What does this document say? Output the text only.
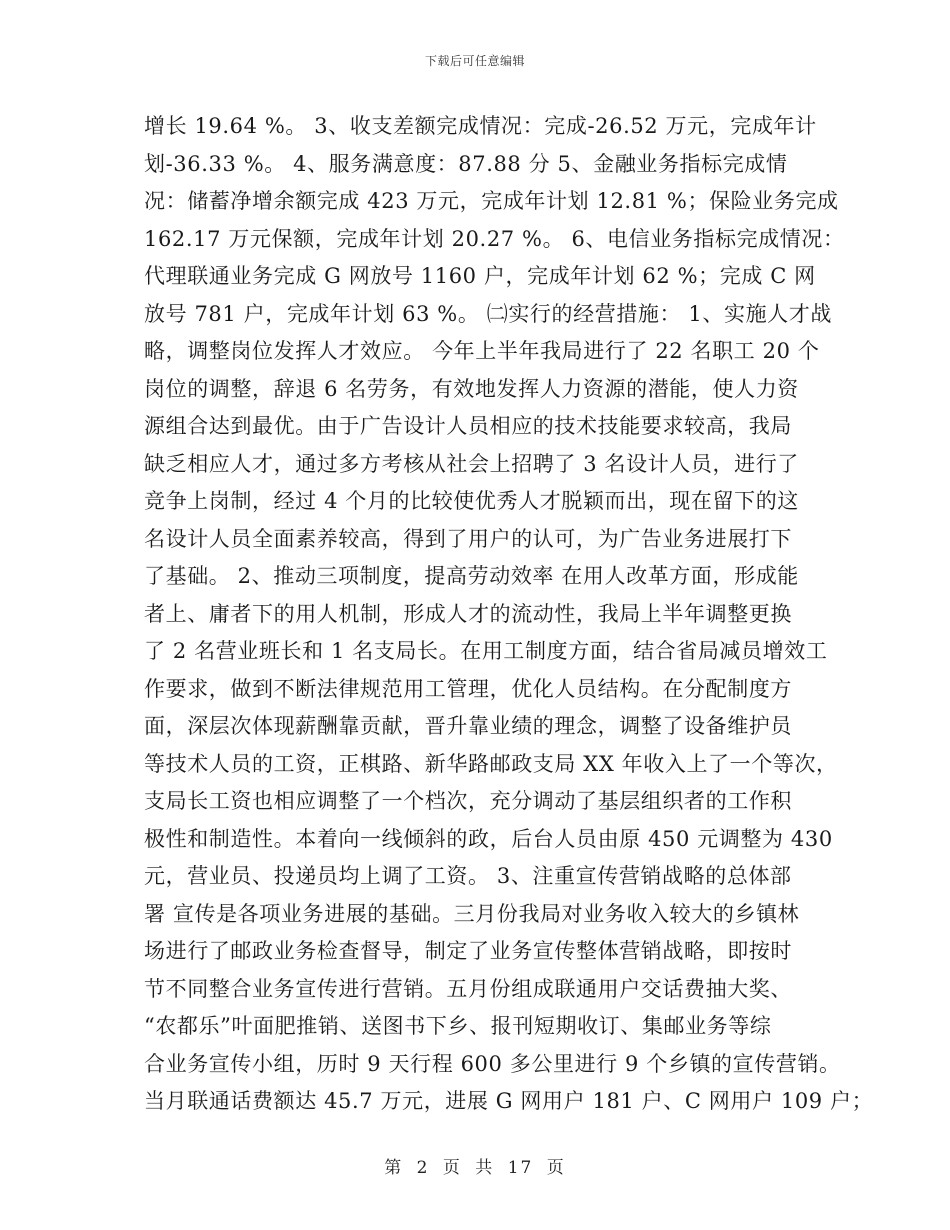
下载后可任意编辑
增长 19.64 %。 3、收支差额完成情况：完成-26.52 万元，完成年计
划-36.33 %。 4、服务满意度：87.88 分 5、金融业务指标完成情
况：储蓄净增余额完成 423 万元，完成年计划 12.81 %；保险业务完成
162.17 万元保额，完成年计划 20.27 %。 6、电信业务指标完成情况：
代理联通业务完成 G 网放号 1160 户，完成年计划 62 %；完成 C 网
放号 781 户，完成年计划 63 %。 ㈡实行的经营措施： 1、实施人才战
略，调整岗位发挥人才效应。 今年上半年我局进行了 22 名职工 20 个
岗位的调整，辞退 6 名劳务，有效地发挥人力资源的潜能，使人力资
源组合达到最优。由于广告设计人员相应的技术技能要求较高，我局
缺乏相应人才，通过多方考核从社会上招聘了 3 名设计人员，进行了
竞争上岗制，经过 4 个月的比较使优秀人才脱颖而出，现在留下的这
名设计人员全面素养较高，得到了用户的认可，为广告业务进展打下
了基础。 2、推动三项制度，提高劳动效率 在用人改革方面，形成能
者上、庸者下的用人机制，形成人才的流动性，我局上半年调整更换
了 2 名营业班长和 1 名支局长。在用工制度方面，结合省局减员增效工
作要求，做到不断法律规范用工管理，优化人员结构。在分配制度方
面，深层次体现薪酬靠贡献，晋升靠业绩的理念，调整了设备维护员
等技术人员的工资，正棋路、新华路邮政支局 XX 年收入上了一个等次，
支局长工资也相应调整了一个档次，充分调动了基层组织者的工作积
极性和制造性。本着向一线倾斜的政，后台人员由原 450 元调整为 430
元，营业员、投递员均上调了工资。 3、注重宣传营销战略的总体部
署 宣传是各项业务进展的基础。三月份我局对业务收入较大的乡镇林
场进行了邮政业务检查督导，制定了业务宣传整体营销战略，即按时
节不同整合业务宣传进行营销。五月份组成联通用户交话费抽大奖、
“农都乐”叶面肥推销、送图书下乡、报刊短期收订、集邮业务等综
合业务宣传小组，历时 9 天行程 600 多公里进行 9 个乡镇的宣传营销。
当月联通话费额达 45.7 万元，进展 G 网用户 181 户、C 网用户 109 户；
第 2 页 共 17 页
